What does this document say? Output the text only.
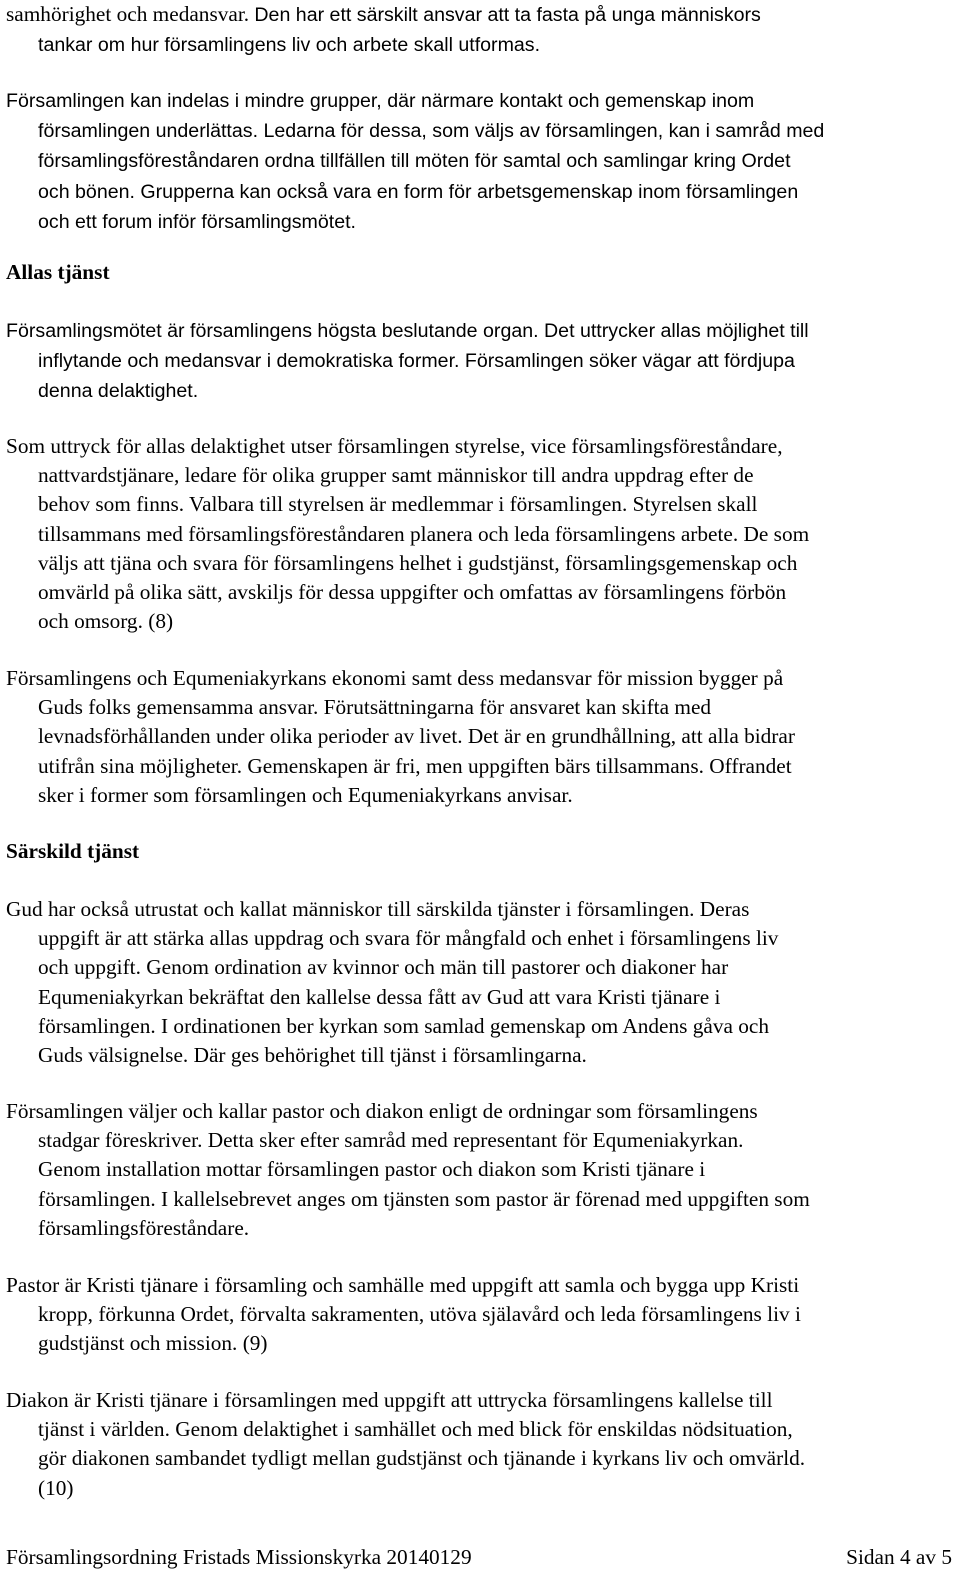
samhörighet och medansvar. Den har ett särskilt ansvar att ta fasta på unga människors
tankar om hur församlingens liv och arbete skall utformas.

Församlingen kan indelas i mindre grupper, där närmare kontakt och gemenskap inom
församlingen underlättas. Ledarna för dessa, som väljs av församlingen, kan i samråd med
församlingsföreståndaren ordna tillfällen till möten för samtal och samlingar kring Ordet
och bönen. Grupperna kan också vara en form för arbetsgemenskap inom församlingen
och ett forum inför församlingsmötet.

Allas tjänst

Församlingsmötet är församlingens högsta beslutande organ. Det uttrycker allas möjlighet till
inflytande och medansvar i demokratiska former. Församlingen söker vägar att fördjupa
denna delaktighet.

Som uttryck för allas delaktighet utser församlingen styrelse, vice församlingsföreståndare,
nattvardstjänare, ledare för olika grupper samt människor till andra uppdrag efter de
behov som finns. Valbara till styrelsen är medlemmar i församlingen. Styrelsen skall
tillsammans med församlingsföreståndaren planera och leda församlingens arbete. De som
väljs att tjäna och svara för församlingens helhet i gudstjänst, församlingsgemenskap och
omvärld på olika sätt, avskiljs för dessa uppgifter och omfattas av församlingens förbön
och omsorg. (8)

Församlingens och Equmeniakyrkans ekonomi samt dess medansvar för mission bygger på
Guds folks gemensamma ansvar. Förutsättningarna för ansvaret kan skifta med
levnadsförhållanden under olika perioder av livet. Det är en grundhållning, att alla bidrar
utifrån sina möjligheter. Gemenskapen är fri, men uppgiften bärs tillsammans. Offrandet
sker i former som församlingen och Equmeniakyrkans anvisar.

Särskild tjänst

Gud har också utrustat och kallat människor till särskilda tjänster i församlingen. Deras
uppgift är att stärka allas uppdrag och svara för mångfald och enhet i församlingens liv
och uppgift. Genom ordination av kvinnor och män till pastorer och diakoner har
Equmeniakyrkan bekräftat den kallelse dessa fått av Gud att vara Kristi tjänare i
församlingen. I ordinationen ber kyrkan som samlad gemenskap om Andens gåva och
Guds välsignelse. Där ges behörighet till tjänst i församlingarna.

Församlingen väljer och kallar pastor och diakon enligt de ordningar som församlingens
stadgar föreskriver. Detta sker efter samråd med representant för Equmeniakyrkan.
Genom installation mottar församlingen pastor och diakon som Kristi tjänare i
församlingen. I kallelsebrevet anges om tjänsten som pastor är förenad med uppgiften som
församlingsföreståndare.

Pastor är Kristi tjänare i församling och samhälle med uppgift att samla och bygga upp Kristi
kropp, förkunna Ordet, förvalta sakramenten, utöva själavård och leda församlingens liv i
gudstjänst och mission. (9)

Diakon är Kristi tjänare i församlingen med uppgift att uttrycka församlingens kallelse till
tjänst i världen. Genom delaktighet i samhället och med blick för enskildas nödsituation,
gör diakonen sambandet tydligt mellan gudstjänst och tjänande i kyrkans liv och omvärld.
(10)

Församlingsordning Fristads Missionskyrka 20140129	Sidan 4 av 5
